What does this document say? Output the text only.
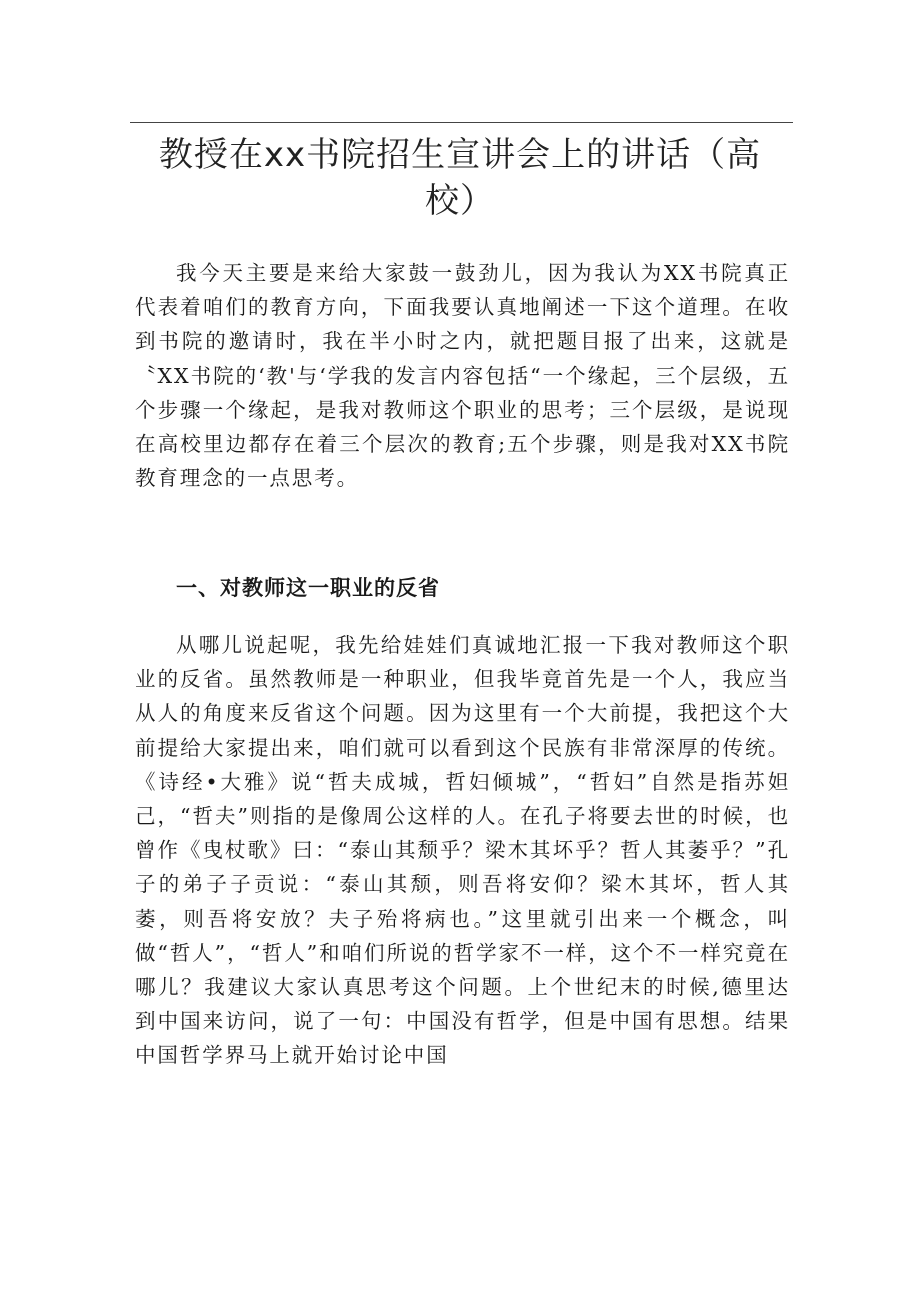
教授在xx书院招生宣讲会上的讲话（高校）

我今天主要是来给大家鼓一鼓劲儿，因为我认为XX书院真正代表着咱们的教育方向，下面我要认真地阐述一下这个道理。在收到书院的邀请时，我在半小时之内，就把题目报了出来，这就是〝XX书院的‘教'与‘学我的发言内容包括“一个缘起，三个层级，五个步骤一个缘起，是我对教师这个职业的思考；三个层级，是说现在高校里边都存在着三个层次的教育;五个步骤，则是我对XX书院教育理念的一点思考。

一、对教师这一职业的反省

从哪儿说起呢，我先给娃娃们真诚地汇报一下我对教师这个职业的反省。虽然教师是一种职业，但我毕竟首先是一个人，我应当从人的角度来反省这个问题。因为这里有一个大前提，我把这个大前提给大家提出来，咱们就可以看到这个民族有非常深厚的传统。《诗经•大雅》说“哲夫成城，哲妇倾城”，“哲妇”自然是指苏妲己，“哲夫”则指的是像周公这样的人。在孔子将要去世的时候，也曾作《曳杖歌》曰：“泰山其颓乎？梁木其坏乎？哲人其萎乎？”孔子的弟子子贡说：“泰山其颓，则吾将安仰？梁木其坏，哲人其萎，则吾将安放？夫子殆将病也。”这里就引出来一个概念，叫做“哲人”，“哲人”和咱们所说的哲学家不一样，这个不一样究竟在哪儿？我建议大家认真思考这个问题。上个世纪末的时候,德里达到中国来访问，说了一句：中国没有哲学，但是中国有思想。结果中国哲学界马上就开始讨论中国
